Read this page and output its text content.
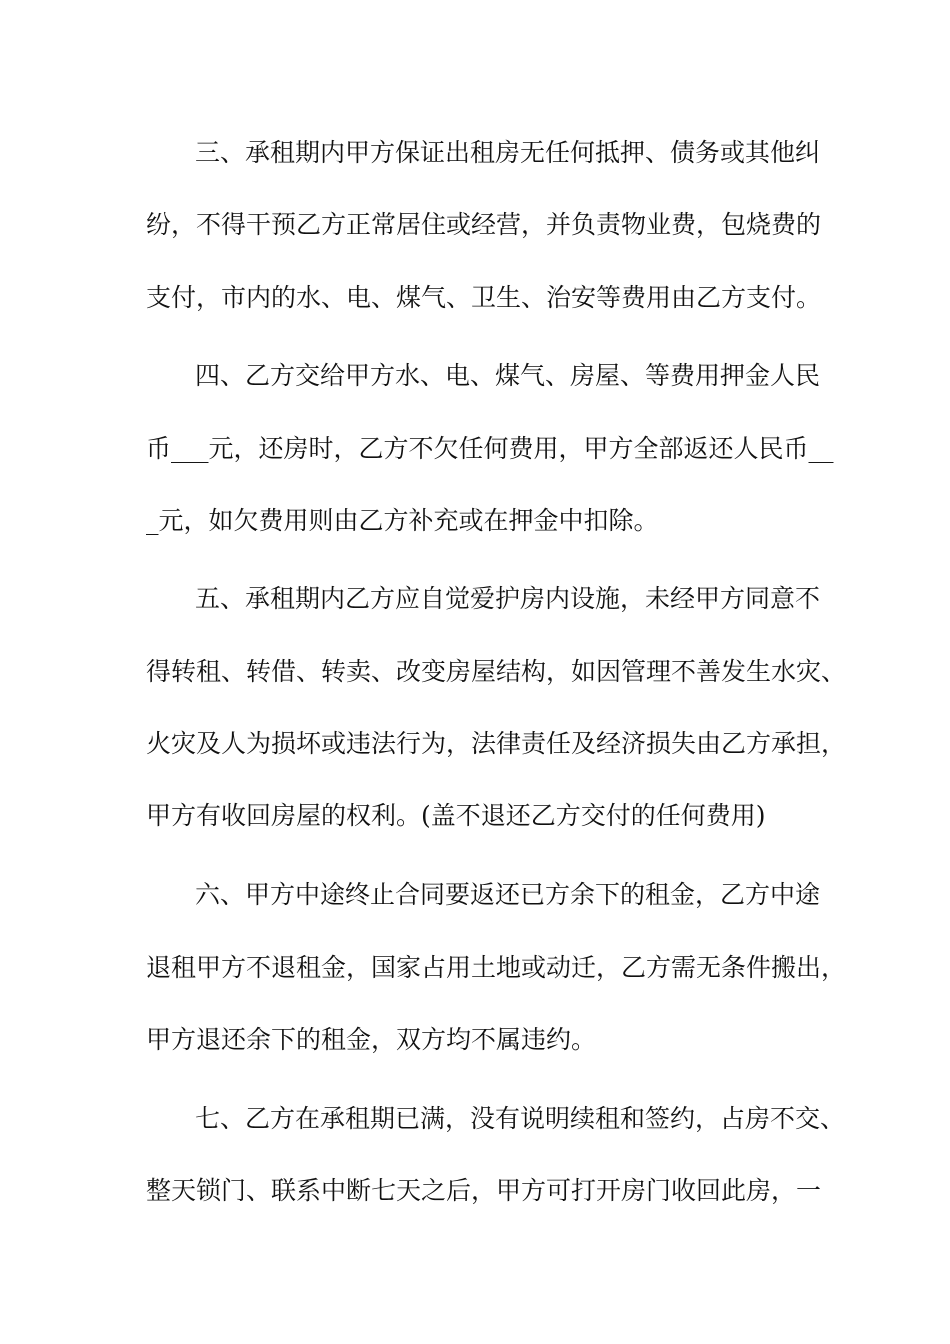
三、承租期内甲方保证出租房无任何抵押、债务或其他纠
纷，不得干预乙方正常居住或经营，并负责物业费，包烧费的
支付，市内的水、电、煤气、卫生、治安等费用由乙方支付。
四、乙方交给甲方水、电、煤气、房屋、等费用押金人民
币___元，还房时，乙方不欠任何费用，甲方全部返还人民币__
_元，如欠费用则由乙方补充或在押金中扣除。
五、承租期内乙方应自觉爱护房内设施，未经甲方同意不
得转租、转借、转卖、改变房屋结构，如因管理不善发生水灾、
火灾及人为损坏或违法行为，法律责任及经济损失由乙方承担，
甲方有收回房屋的权利。(盖不退还乙方交付的任何费用)
六、甲方中途终止合同要返还已方余下的租金，乙方中途
退租甲方不退租金，国家占用土地或动迁，乙方需无条件搬出，
甲方退还余下的租金，双方均不属违约。
七、乙方在承租期已满，没有说明续租和签约，占房不交、
整天锁门、联系中断七天之后，甲方可打开房门收回此房，一
